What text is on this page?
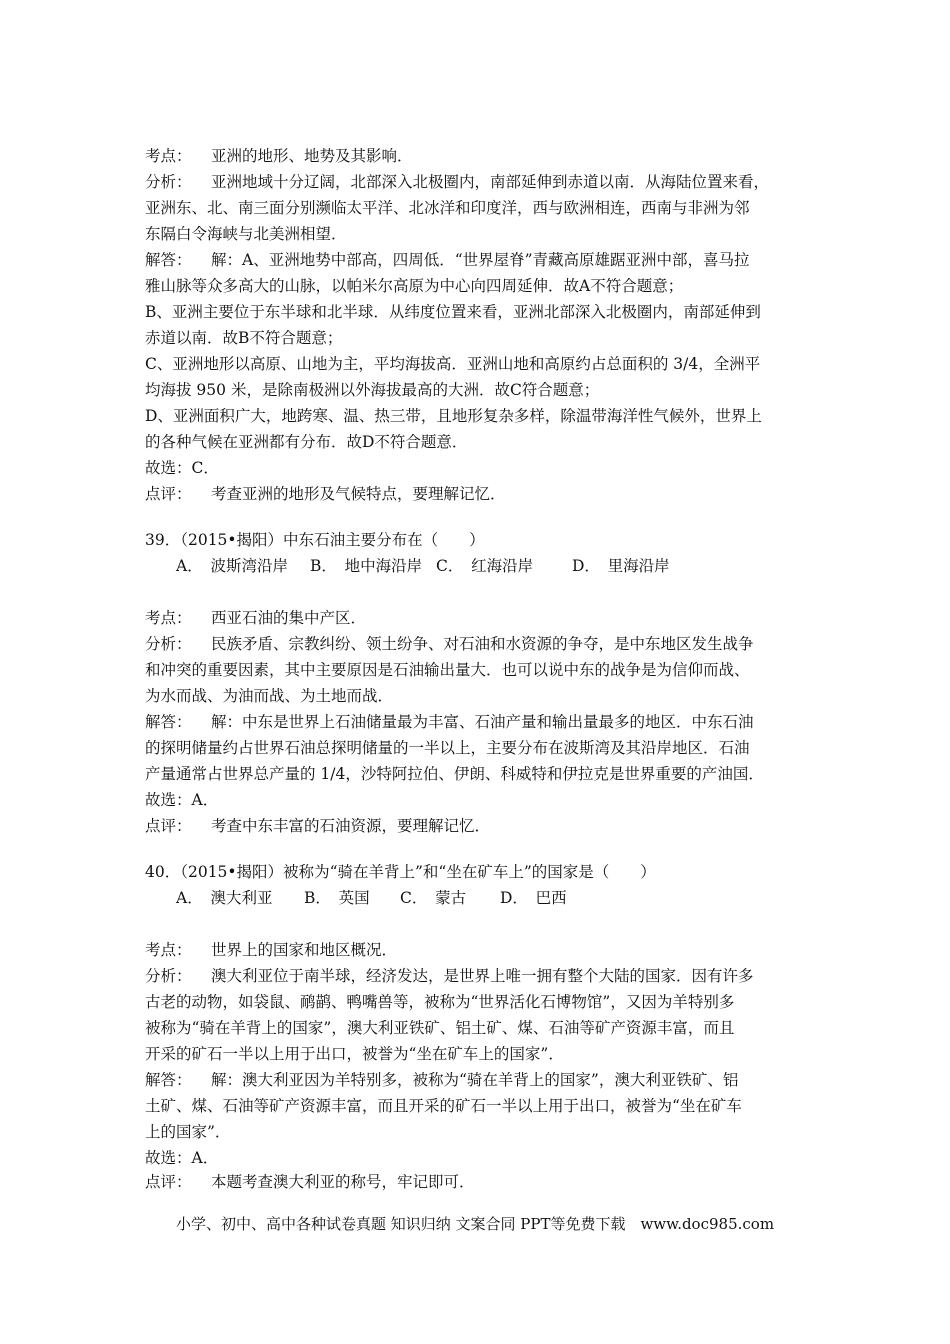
考点： 亚洲的地形、地势及其影响．
分析： 亚洲地域十分辽阔，北部深入北极圈内，南部延伸到赤道以南．从海陆位置来看，
亚洲东、北、南三面分别濒临太平洋、北冰洋和印度洋，西与欧洲相连，西南与非洲为邻
东隔白令海峡与北美洲相望．
解答： 解：A、亚洲地势中部高，四周低．“世界屋脊”青藏高原雄踞亚洲中部，喜马拉
雅山脉等众多高大的山脉，以帕米尔高原为中心向四周延伸．故A不符合题意；
B、亚洲主要位于东半球和北半球．从纬度位置来看，亚洲北部深入北极圈内，南部延伸到
赤道以南．故B不符合题意；
C、亚洲地形以高原、山地为主，平均海拔高．亚洲山地和高原约占总面积的 3/4，全洲平
均海拔 950 米，是除南极洲以外海拔最高的大洲．故C符合题意；
D、亚洲面积广大，地跨寒、温、热三带，且地形复杂多样，除温带海洋性气候外，世界上
的各种气候在亚洲都有分布．故D不符合题意．
故选：C．
点评： 考查亚洲的地形及气候特点，要理解记忆．
39．（2015•揭阳）中东石油主要分布在（　　）
A．　波斯湾沿岸 B．　地中海沿岸 C．　红海沿岸	D．　里海沿岸
考点： 西亚石油的集中产区．
分析： 民族矛盾、宗教纠纷、领土纷争、对石油和水资源的争夺，是中东地区发生战争
和冲突的重要因素，其中主要原因是石油输出量大．也可以说中东的战争是为信仰而战、
为水而战、为油而战、为土地而战．
解答： 解：中东是世界上石油储量最为丰富、石油产量和输出量最多的地区．中东石油
的探明储量约占世界石油总探明储量的一半以上，主要分布在波斯湾及其沿岸地区．石油
产量通常占世界总产量的 1/4，沙特阿拉伯、伊朗、科威特和伊拉克是世界重要的产油国．
故选：A．
点评： 考查中东丰富的石油资源，要理解记忆．
40．（2015•揭阳）被称为“骑在羊背上”和“坐在矿车上”的国家是（　　）
A．　澳大利亚 B．　英国 C．　蒙古 D．　巴西
考点： 世界上的国家和地区概况．
分析： 澳大利亚位于南半球，经济发达，是世界上唯一拥有整个大陆的国家．因有许多
古老的动物，如袋鼠、鸸鹋、鸭嘴兽等，被称为“世界活化石博物馆”，又因为羊特别多
被称为“骑在羊背上的国家”，澳大利亚铁矿、铝土矿、煤、石油等矿产资源丰富，而且
开采的矿石一半以上用于出口，被誉为“坐在矿车上的国家”．
解答： 解：澳大利亚因为羊特别多，被称为“骑在羊背上的国家”，澳大利亚铁矿、铝
土矿、煤、石油等矿产资源丰富，而且开采的矿石一半以上用于出口，被誉为“坐在矿车
上的国家”．
故选：A．
点评： 本题考查澳大利亚的称号，牢记即可．
小学、初中、高中各种试卷真题 知识归纳 文案合同 PPT等免费下载　www.doc985.com
